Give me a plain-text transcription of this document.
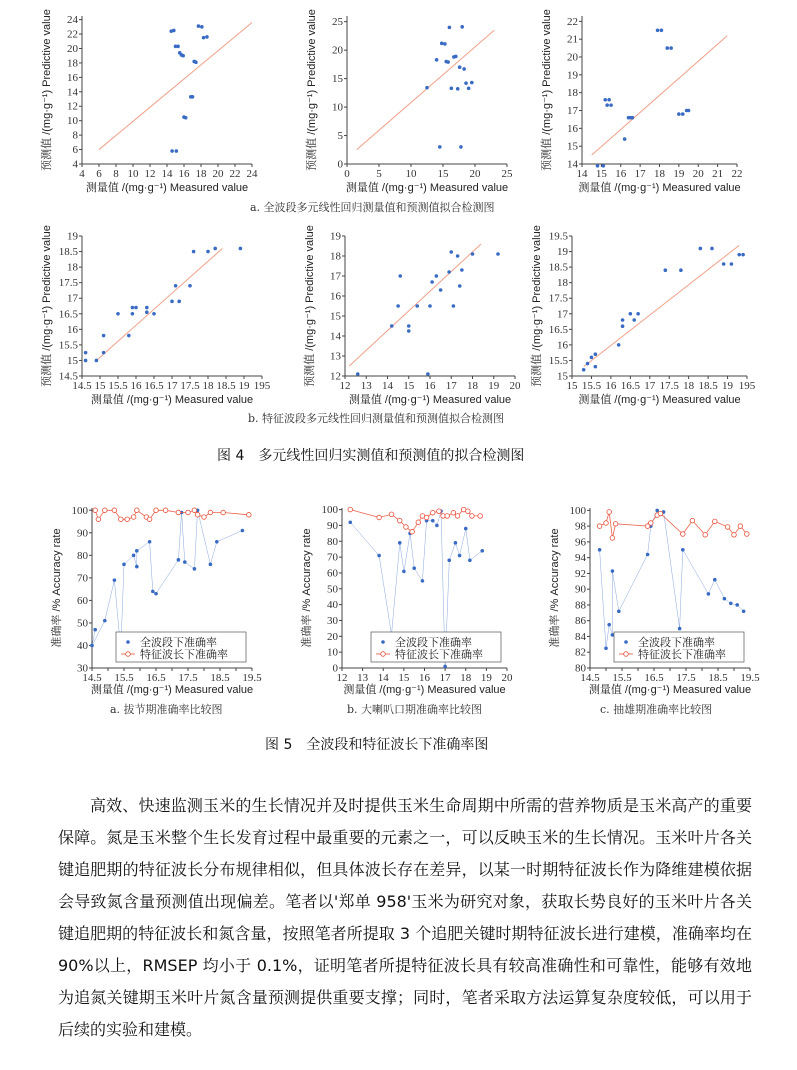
4 6 8 10 12 14 16 18 20 22 24
4
6
8
10
12
14
16
18
20
22
24
测量值 /(mg·g⁻¹) Measured value
预测值 /(mg·g⁻¹) Predictive value
0 5 10 15 20 25
0
5
10
15
20
25
测量值 /(mg·g⁻¹) Measured value
预测值 /(mg·g⁻¹) Predictive value
14 15 16 17 18 19 20 21 22
14
15
16
17
18
19
20
21
22
测量值 /(mg·g⁻¹) Measured value
预测值 /(mg·g⁻¹) Predictive value
a. 全波段多元线性回归测量值和预测值拟合检测图
14.5 15 15.5 16 16.5 17 17.5 18 18.5 19 195
14.5
15
15.5
16
16.5
17
17.5
18
18.5
19
测量值 /(mg·g⁻¹) Measured value
预测值 /(mg·g⁻¹) Predictive value	12 13 14 15 16 17 18 19 20
12
13
14
15
16
17
18
19
测量值 /(mg·g⁻¹) Measured value
预测值 /(mg·g⁻¹) Predictive value	15 15.5 16 16.5 17 17.5 18 18.5 19 195
15
15.5
16
16.5
17
17.5
18
18.5
19
19.5
测量值 /(mg·g⁻¹) Measured value
预测值 /(mg·g⁻¹) Predictive value
b. 特征波段多元线性回归测量值和预测值拟合检测图
图 4　多元线性回归实测值和预测值的拟合检测图
14.5 15.5 16.5 17.5 18.5 19.5
30
40
50
60
70
80
90
100
测量值 /(mg·g⁻¹) Measured value
准确率 /% Accuracy rate	全波段下准确率
特征波长下准确率
12 13 14 15 16 17 18 19 20
0
10
20
30
40
50
60
70
80
90
100
测量值 /(mg·g⁻¹) Measured value
准确率 /% Accuracy rate	全波段下准确率
特征波长下准确率
14.5 15.5 16.5 17.5 18.5 19.5
80
82
84
86
88
90
92
94
96
98
100
测量值 /(mg·g⁻¹) Measured value
准确率 /% Accuracy rate	全波段下准确率
特征波长下准确率
a. 拔节期准确率比较图	b. 大喇叭口期准确率比较图	c. 抽雄期准确率比较图
图 5　全波段和特征波长下准确率图

高效、快速监测玉米的生长情况并及时提供玉米生命周期中所需的营养物质是玉米高产的重要保障。氮是玉米整个生长发育过程中最重要的元素之一，可以反映玉米的生长情况。玉米叶片各关键追肥期的特征波长分布规律相似，但具体波长存在差异，以某一时期特征波长作为降维建模依据会导致氮含量预测值出现偏差。笔者以'郑单 958'玉米为研究对象，获取长势良好的玉米叶片各关键追肥期的特征波长和氮含量，按照笔者所提取 3 个追肥关键时期特征波长进行建模，准确率均在 90%以上，RMSEP 均小于 0.1%，证明笔者所提特征波长具有较高准确性和可靠性，能够有效地为追氮关键期玉米叶片氮含量预测提供重要支撑；同时，笔者采取方法运算复杂度较低，可以用于后续的实验和建模。
